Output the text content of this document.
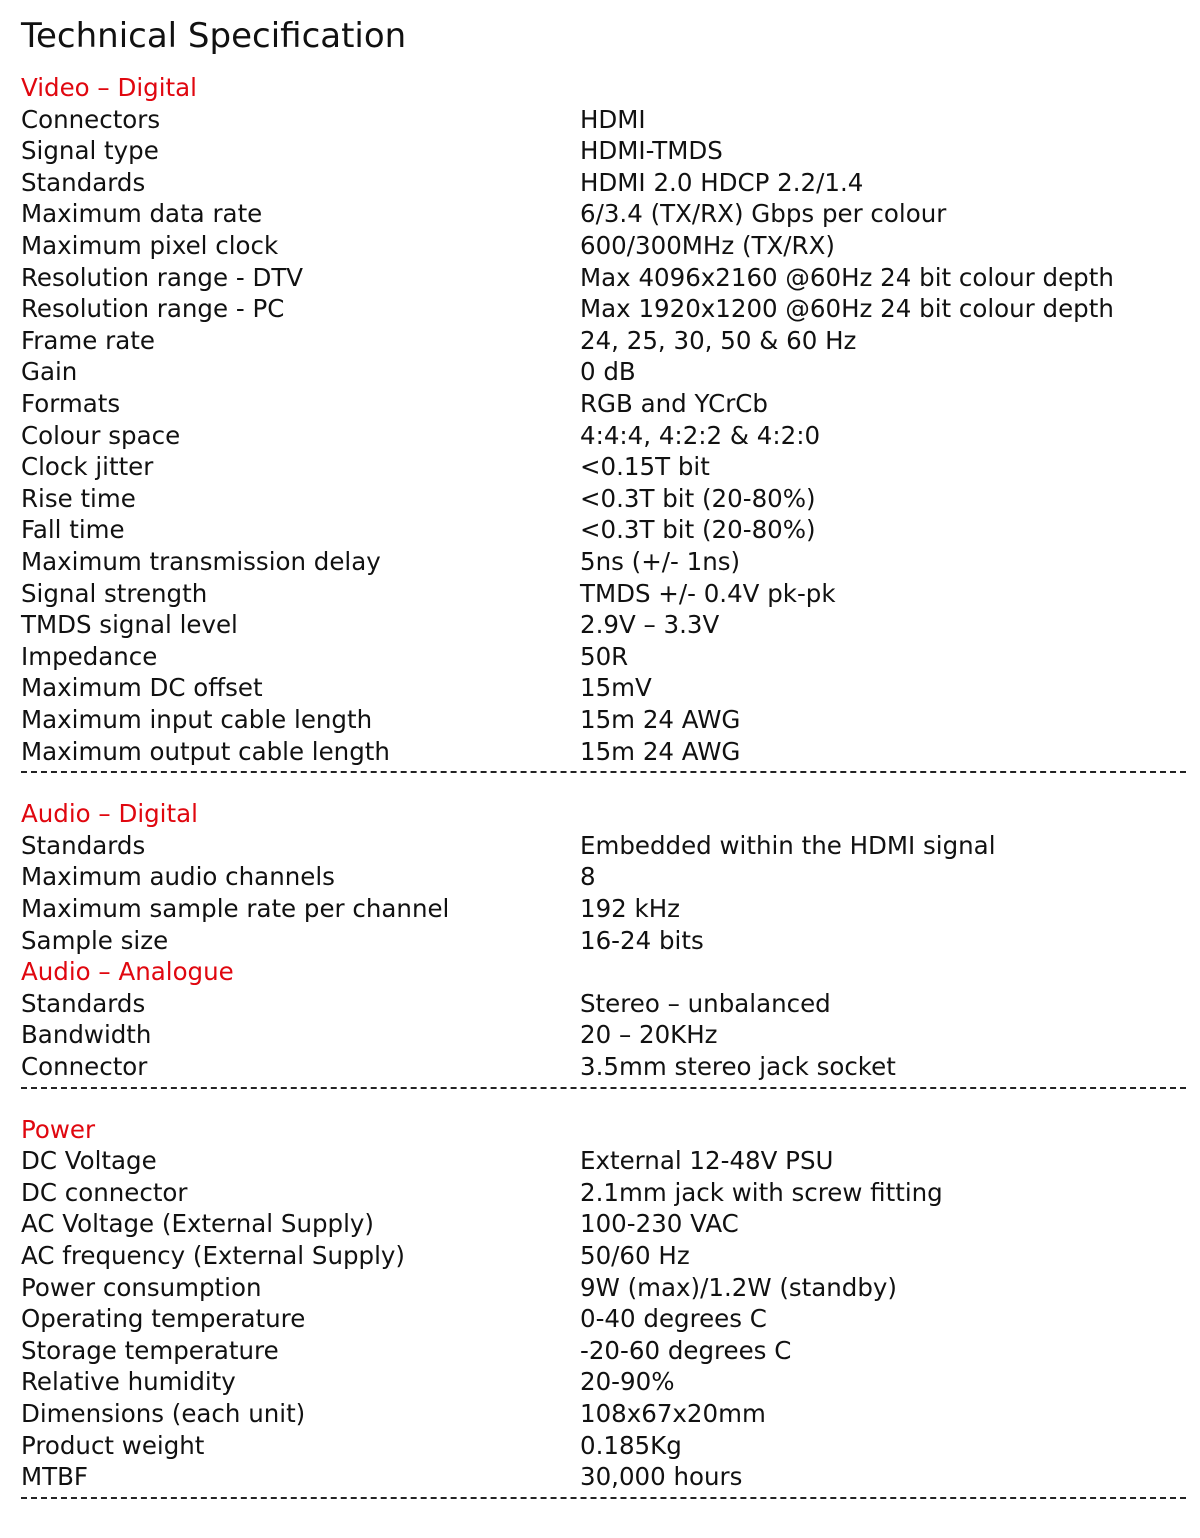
Technical Specification
Video – Digital
Connectors	HDMI
Signal type	HDMI-TMDS
Standards	HDMI 2.0 HDCP 2.2/1.4
Maximum data rate	6/3.4 (TX/RX) Gbps per colour
Maximum pixel clock	600/300MHz (TX/RX)
Resolution range - DTV	Max 4096x2160 @60Hz 24 bit colour depth
Resolution range - PC	Max 1920x1200 @60Hz 24 bit colour depth
Frame rate	24, 25, 30, 50 & 60 Hz
Gain	0 dB
Formats	RGB and YCrCb
Colour space	4:4:4, 4:2:2 & 4:2:0
Clock jitter	<0.15T bit
Rise time	<0.3T bit (20-80%)
Fall time	<0.3T bit (20-80%)
Maximum transmission delay	5ns (+/- 1ns)
Signal strength	TMDS +/- 0.4V pk-pk
TMDS signal level	2.9V – 3.3V
Impedance	50R
Maximum DC offset	15mV
Maximum input cable length	15m 24 AWG
Maximum output cable length	15m 24 AWG
Audio – Digital
Standards	Embedded within the HDMI signal
Maximum audio channels	8
Maximum sample rate per channel	192 kHz
Sample size	16-24 bits
Audio – Analogue
Standards	Stereo – unbalanced
Bandwidth	20 – 20KHz
Connector	3.5mm stereo jack socket
Power
DC Voltage	External 12-48V PSU
DC connector	2.1mm jack with screw fitting
AC Voltage (External Supply)	100-230 VAC
AC frequency (External Supply)	50/60 Hz
Power consumption	9W (max)/1.2W (standby)
Operating temperature	0-40 degrees C
Storage temperature	-20-60 degrees C
Relative humidity	20-90%
Dimensions (each unit)	108x67x20mm
Product weight	0.185Kg
MTBF	30,000 hours
